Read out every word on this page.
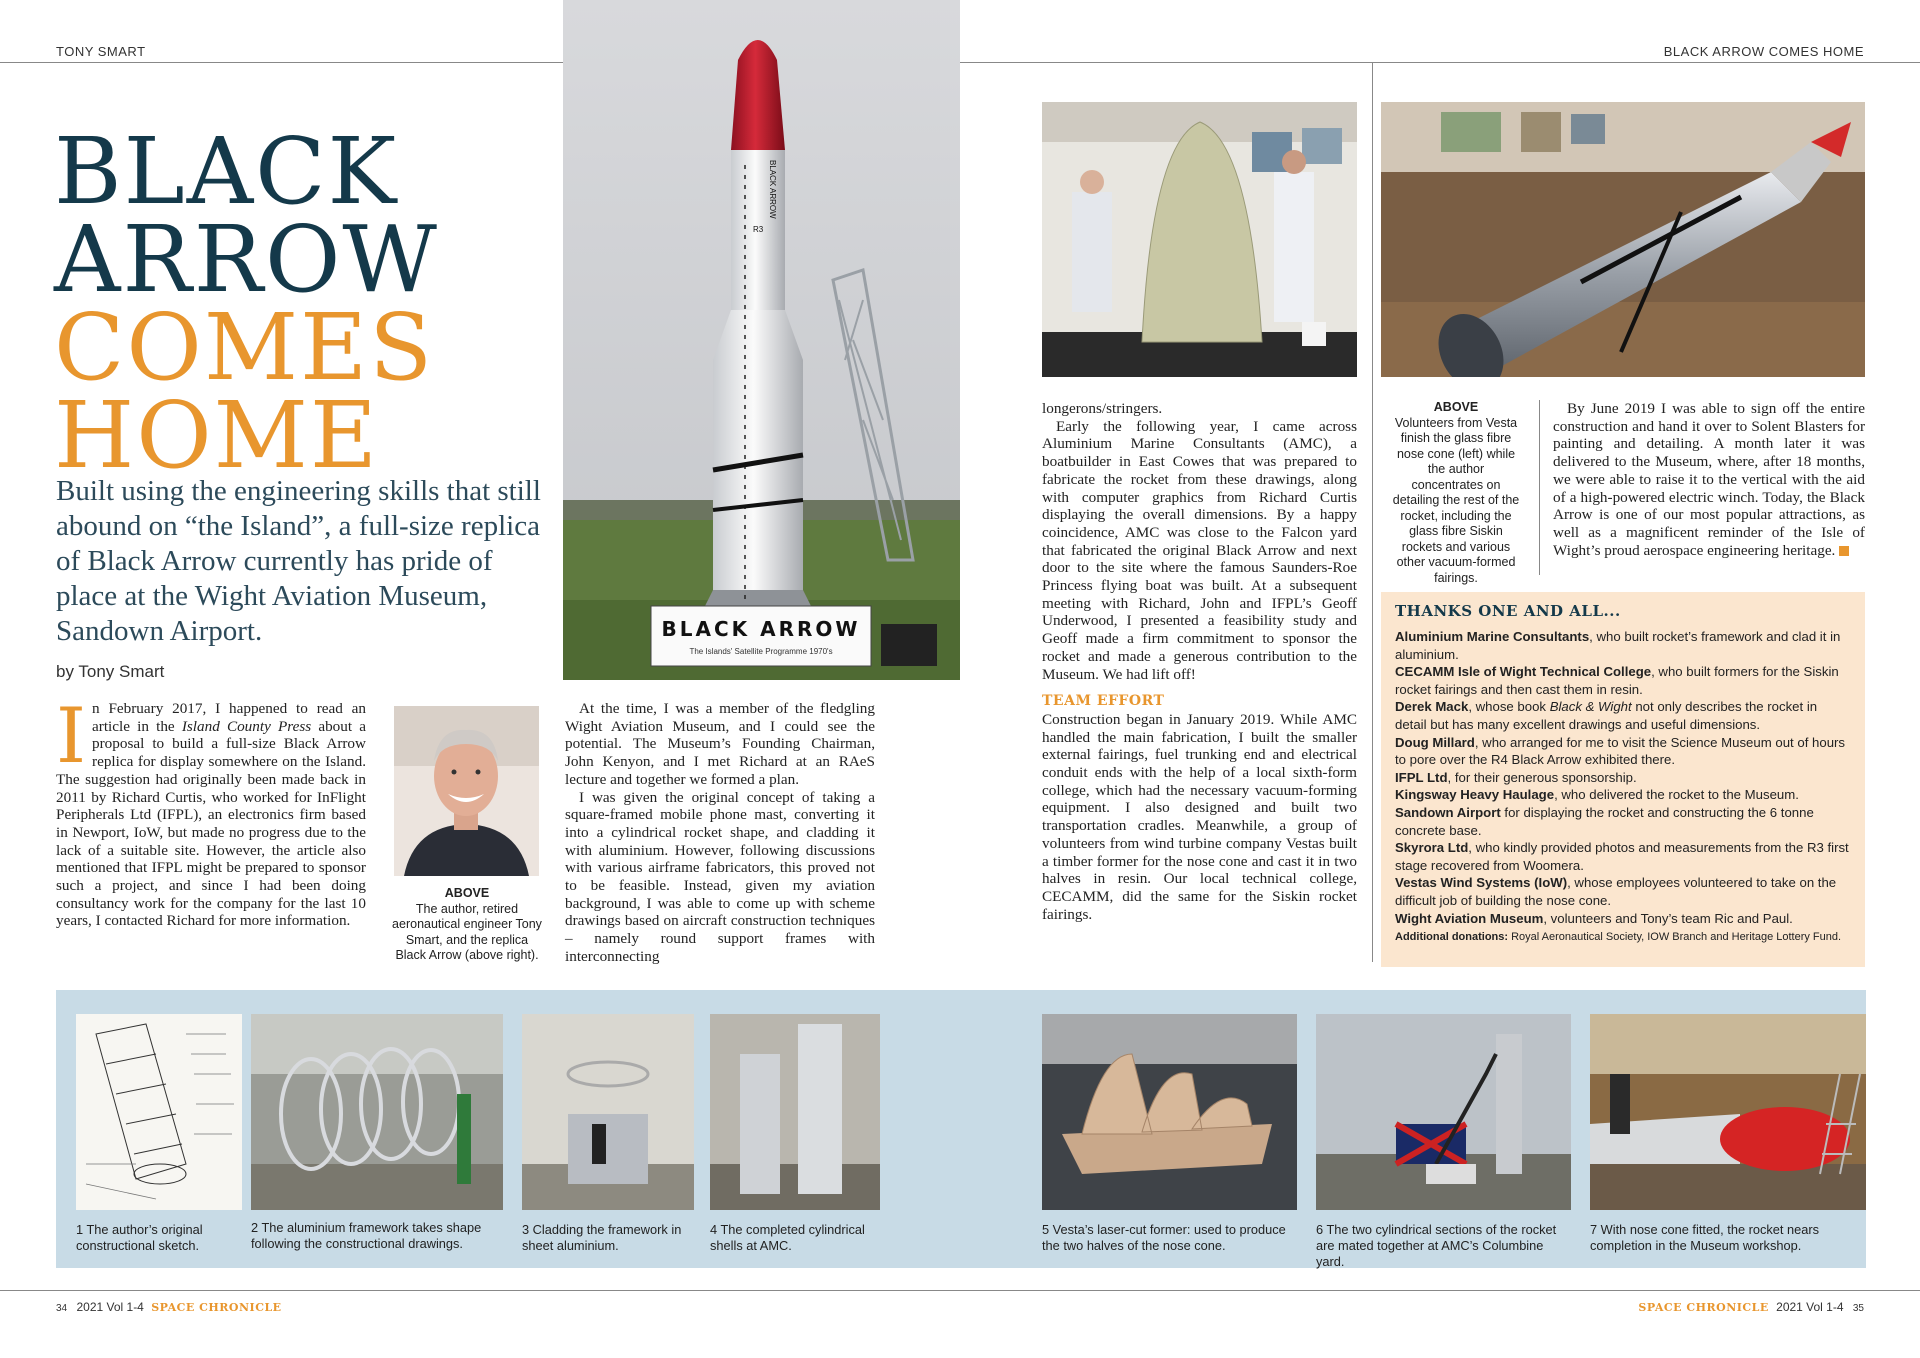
TONY SMART	BLACK ARROW COMES HOME
BLACK
ARROW
COMES
HOME
Built using the engineering skills that still abound on “the Island”, a full-size replica of Black Arrow currently has pride of place at the Wight Aviation Museum, Sandown Airport.
by Tony Smart
I n February 2017, I happened to read an article in the Island County Press about a proposal to build a full-size Black Arrow replica for display somewhere on the Island. The suggestion had originally been made back in 2011 by Richard Curtis, who worked for InFlight Peripherals Ltd (IFPL), an electronics firm based in Newport, IoW, but made no progress due to the lack of a suitable site. However, the article also mentioned that IFPL might be prepared to sponsor such a project, and since I had been doing consultancy work for the company for the last 10 years, I contacted Richard for more information.
ABOVE
The author, retired aeronautical engineer Tony Smart, and the replica Black Arrow (above right).
BLACK ARROW
R3
BLACK ARROW
The Islands' Satellite Programme 1970's

At the time, I was a member of the fledgling Wight Aviation Museum, and I could see the potential. The Museum’s Founding Chairman, John Kenyon, and I met Richard at an RAeS lecture and together we formed a plan.

I was given the original concept of taking a square-framed mobile phone mast, converting it into a cylindrical rocket shape, and cladding it with aluminium. However, following discussions with various airframe fabricators, this proved not to be feasible. Instead, given my aviation background, I was able to come up with scheme drawings based on aircraft construction techniques – namely round support frames with interconnecting

longerons/stringers.

Early the following year, I came across Aluminium Marine Consultants (AMC), a boatbuilder in East Cowes that was prepared to fabricate the rocket from these drawings, along with computer graphics from Richard Curtis displaying the overall dimensions. By a happy coincidence, AMC was close to the Falcon yard that fabricated the original Black Arrow and next door to the site where the famous Saunders-Roe Princess flying boat was built. At a subsequent meeting with Richard, John and IFPL’s Geoff Underwood, I presented a feasibility study and Geoff made a firm commitment to sponsor the rocket and made a generous contribution to the Museum. We had lift off!

TEAM EFFORT

Construction began in January 2019. While AMC handled the main fabrication, I built the smaller external fairings, fuel trunking end and electrical conduit ends with the help of a local sixth-form college, which had the necessary vacuum-forming equipment. I also designed and built two transportation cradles. Meanwhile, a group of volunteers from wind turbine company Vestas built a timber former for the nose cone and cast it in two halves in resin. Our local technical college, CECAMM, did the same for the Siskin rocket fairings.

ABOVE
Volunteers from Vesta finish the glass fibre nose cone (left) while the author concentrates on detailing the rest of the rocket, including the glass fibre Siskin rockets and various other vacuum-formed fairings.

By June 2019 I was able to sign off the entire construction and hand it over to Solent Blasters for painting and detailing. A month later it was delivered to the Museum, where, after 18 months, we were able to raise it to the vertical with the aid of a high-powered electric winch. Today, the Black Arrow is one of our most popular attractions, as well as a magnificent reminder of the Isle of Wight’s proud aerospace engineering heritage.

THANKS ONE AND ALL...
Aluminium Marine Consultants, who built rocket’s framework and clad it in aluminium.
CECAMM Isle of Wight Technical College, who built formers for the Siskin rocket fairings and then cast them in resin.
Derek Mack, whose book Black & Wight not only describes the rocket in detail but has many excellent drawings and useful dimensions.
Doug Millard, who arranged for me to visit the Science Museum out of hours to pore over the R4 Black Arrow exhibited there.
IFPL Ltd, for their generous sponsorship.
Kingsway Heavy Haulage, who delivered the rocket to the Museum.
Sandown Airport for displaying the rocket and constructing the 6 tonne concrete base.
Skyrora Ltd, who kindly provided photos and measurements from the R3 first stage recovered from Woomera.
Vestas Wind Systems (IoW), whose employees volunteered to take on the difficult job of building the nose cone.
Wight Aviation Museum, volunteers and Tony’s team Ric and Paul.
Additional donations: Royal Aeronautical Society, IOW Branch and Heritage Lottery Fund.
1 The author’s original constructional sketch.
2 The aluminium framework takes shape following the constructional drawings.
3 Cladding the framework in sheet aluminium.
4 The completed cylindrical shells at AMC.
5 Vesta’s laser-cut former: used to produce the two halves of the nose cone.
6 The two cylindrical sections of the rocket are mated together at AMC’s Columbine yard.
7 With nose cone fitted, the rocket nears completion in the Museum workshop.
34 2021 Vol 1-4 SPACE CHRONICLE	SPACE CHRONICLE 2021 Vol 1-4 35
